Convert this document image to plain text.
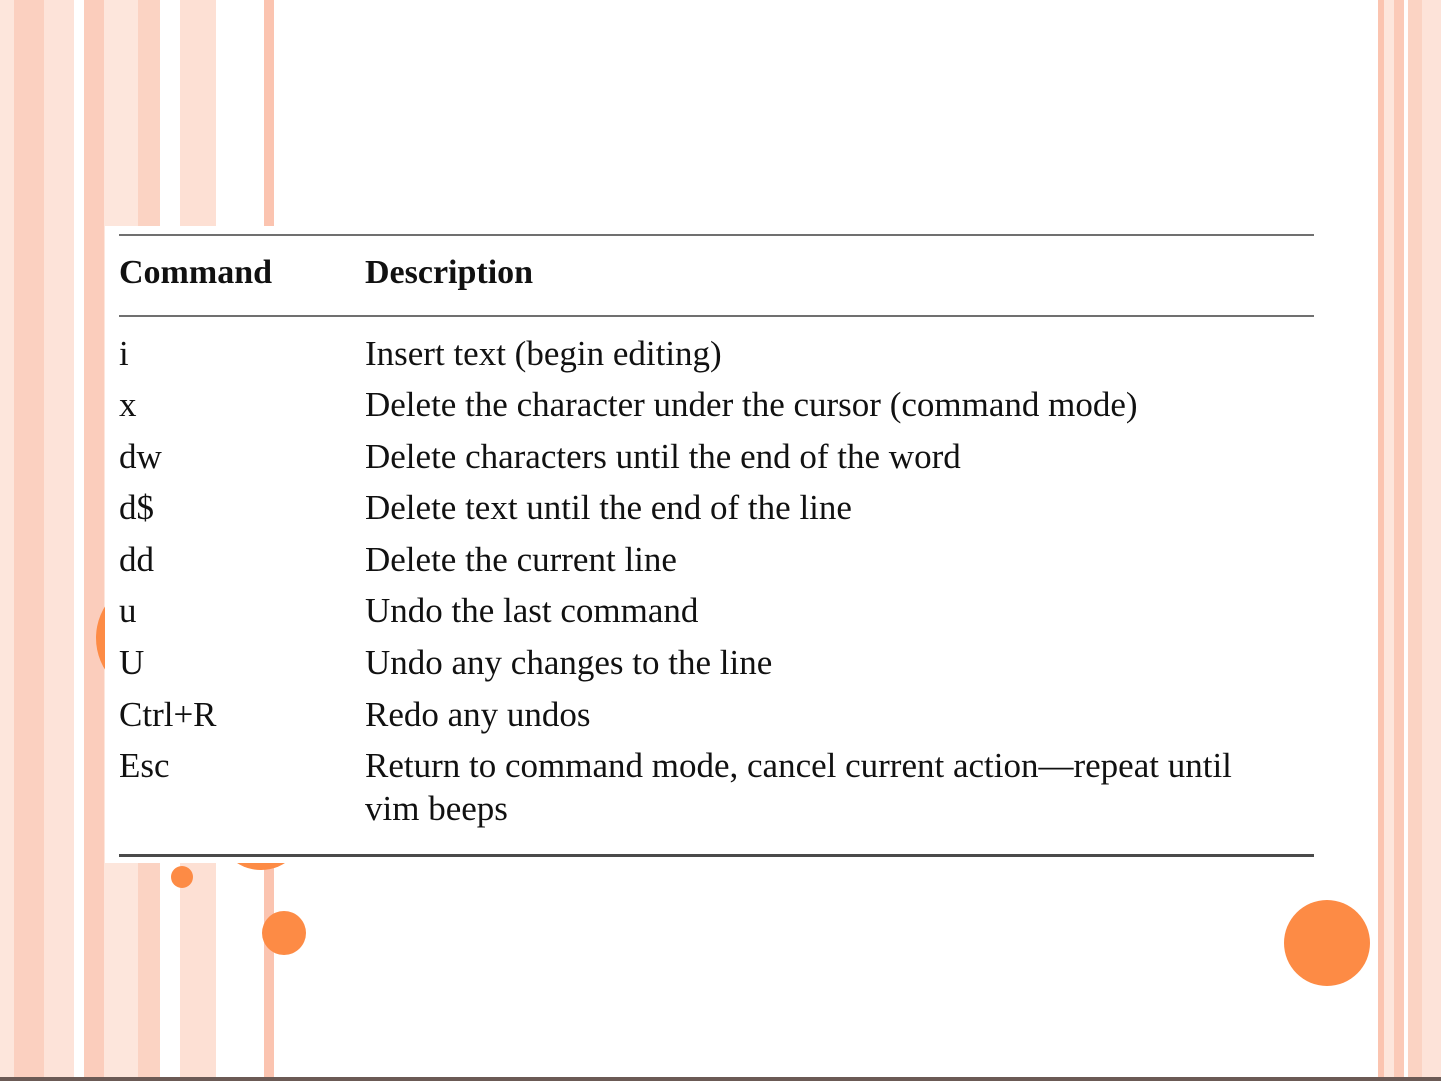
Command	Description
i	Insert text (begin editing)
x	Delete the character under the cursor (command mode)
dw	Delete characters until the end of the word
d$	Delete text until the end of the line
dd	Delete the current line
u	Undo the last command
U	Undo any changes to the line
Ctrl+R	Redo any undos
Esc	Return to command mode, cancel current action—repeat until
vim beeps
